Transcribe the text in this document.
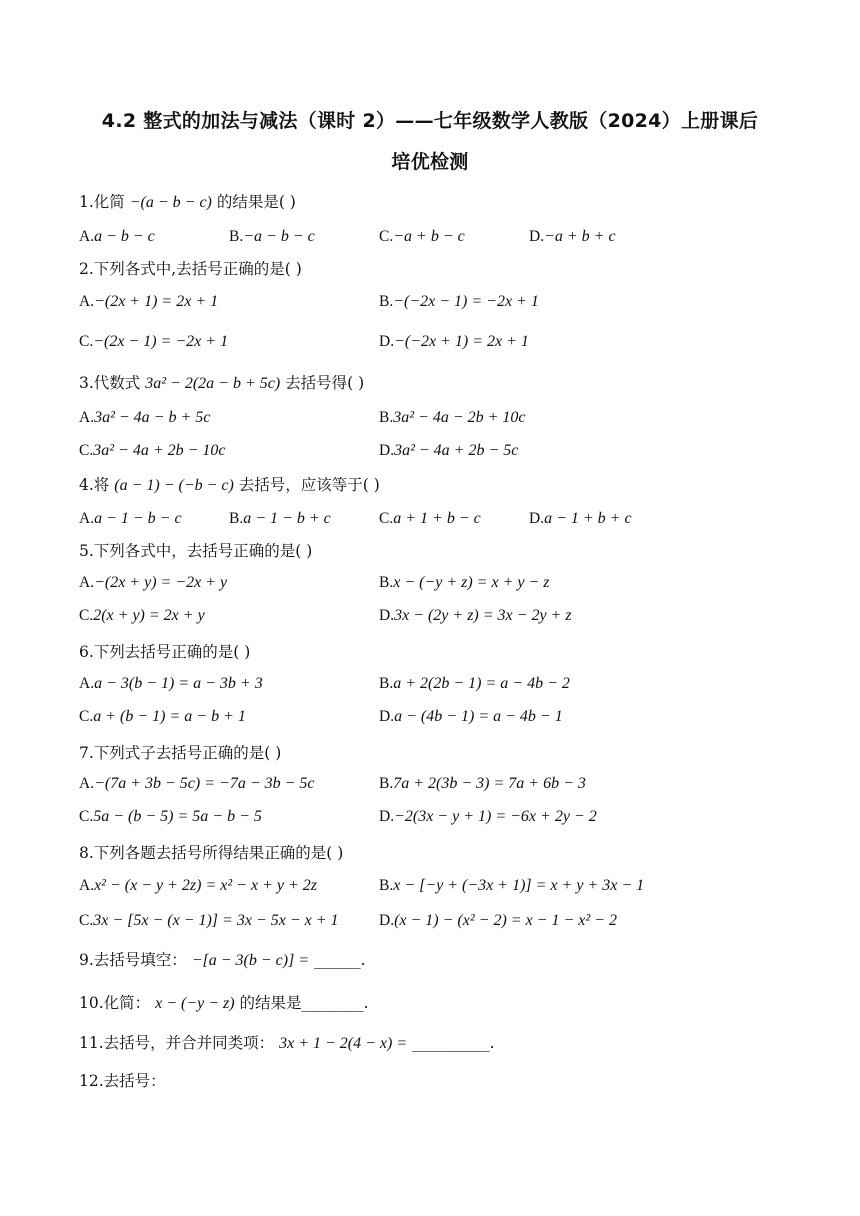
4.2 整式的加法与减法（课时 2）——七年级数学人教版（2024）上册课后
培优检测
1.化简 −(a − b − c) 的结果是( )
A.a − b − c	B.−a − b − c	C.−a + b − c	D.−a + b + c
2.下列各式中,去括号正确的是( )
A.−(2x + 1) = 2x + 1	B.−(−2x − 1) = −2x + 1
C.−(2x − 1) = −2x + 1	D.−(−2x + 1) = 2x + 1
3.代数式 3a² − 2(2a − b + 5c) 去括号得( )
A.3a² − 4a − b + 5c	B.3a² − 4a − 2b + 10c
C.3a² − 4a + 2b − 10c	D.3a² − 4a + 2b − 5c
4.将 (a − 1) − (−b − c) 去括号，应该等于( )
A.a − 1 − b − c	B.a − 1 − b + c	C.a + 1 + b − c	D.a − 1 + b + c
5.下列各式中，去括号正确的是( )
A.−(2x + y) = −2x + y	B.x − (−y + z) = x + y − z
C.2(x + y) = 2x + y	D.3x − (2y + z) = 3x − 2y + z
6.下列去括号正确的是( )
A.a − 3(b − 1) = a − 3b + 3	B.a + 2(2b − 1) = a − 4b − 2
C.a + (b − 1) = a − b + 1	D.a − (4b − 1) = a − 4b − 1
7.下列式子去括号正确的是( )
A.−(7a + 3b − 5c) = −7a − 3b − 5c	B.7a + 2(3b − 3) = 7a + 6b − 3
C.5a − (b − 5) = 5a − b − 5	D.−2(3x − y + 1) = −6x + 2y − 2
8.下列各题去括号所得结果正确的是( )
A.x² − (x − y + 2z) = x² − x + y + 2z	B.x − [−y + (−3x + 1)] = x + y + 3x − 1
C.3x − [5x − (x − 1)] = 3x − 5x − x + 1	D.(x − 1) − (x² − 2) = x − 1 − x² − 2
9.去括号填空： −[a − 3(b − c)] = ______.
10.化简： x − (−y − z) 的结果是________.
11.去括号，并合并同类项： 3x + 1 − 2(4 − x) = __________.
12.去括号：
